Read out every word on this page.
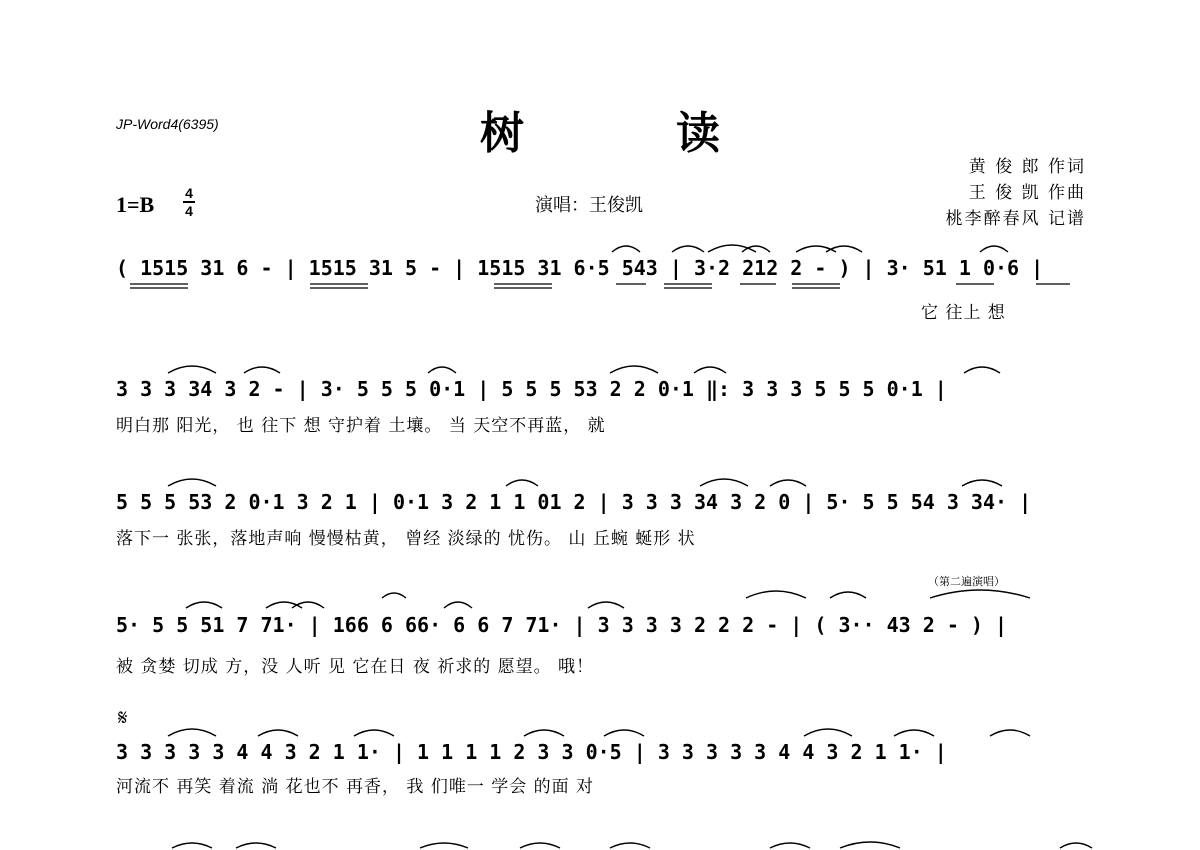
JP-Word4(6395)	树	读
1=B 4
4	演唱：王俊凯
黄 俊 郎 作词
王 俊 凯 作曲
桃李醉春风 记谱
( 1515 31 6 - | 1515 31 5 - | 1515 31 6·5 543 | 3·2 212 2 - ) | 3· 51 1 0·6 |
它 往上 想
3 3 3 34 3 2 - | 3· 5 5 5 0·1 | 5 5 5 53 2 2 0·1 ‖: 3 3 3 5 5 5 0·1 |
明白那 阳光， 也 往下 想 守护着 土壤。 当 天空不再蓝， 就
5 5 5 53 2 0·1 3 2 1 | 0·1 3 2 1 1 01 2 | 3 3 3 34 3 2 0 | 5· 5 5 54 3 34· |
落下一 张张，落地声响 慢慢枯黄， 曾经 淡绿的 忧伤。 山 丘蜿 蜒形 状
（第二遍演唱）
5· 5 5 51 7 71· | 166 6 66· 6 6 7 71· | 3 3 3 3 2 2 2 - | ( 3·· 43 2 - ) |
被 贪婪 切成 方，没 人听 见 它在日 夜 祈求的 愿望。 哦！
𝄋
3 3 3 3 3 4 4 3 2 1 1· | 1 1 1 1 2 3 3 0·5 | 3 3 3 3 3 4 4 3 2 1 1· |
河流不 再笑 着流 淌 花也不 再香， 我 们唯一 学会 的面 对
